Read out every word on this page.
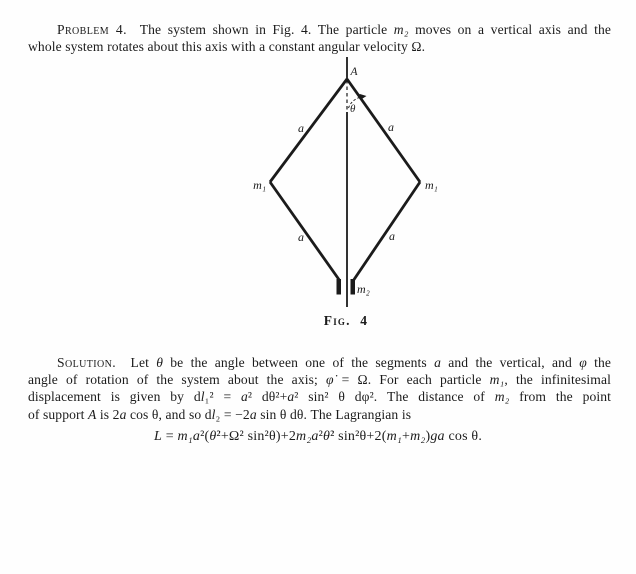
Problem 4.  The system shown in Fig. 4. The particle m₂ moves on a vertical axis and the
whole system rotates about this axis with a constant angular velocity Ω.

A
θ
a	a
a	a
m₁	m₁
m₂

Fig. 4

Solution.  Let θ be the angle between one of the segments a and the vertical, and φ the
angle of rotation of the system about the axis; φ̇ = Ω. For each particle m₁, the infinitesimal
displacement is given by dl₁² = a² dθ²+a² sin² θ dφ². The distance of m₂ from the point
of support A is 2a cos θ, and so dl₂ = −2a sin θ dθ. The Lagrangian is

L = m₁a²(θ̇²+Ω² sin²θ)+2m₂a²θ̇² sin²θ+2(m₁+m₂)ga cos θ.
